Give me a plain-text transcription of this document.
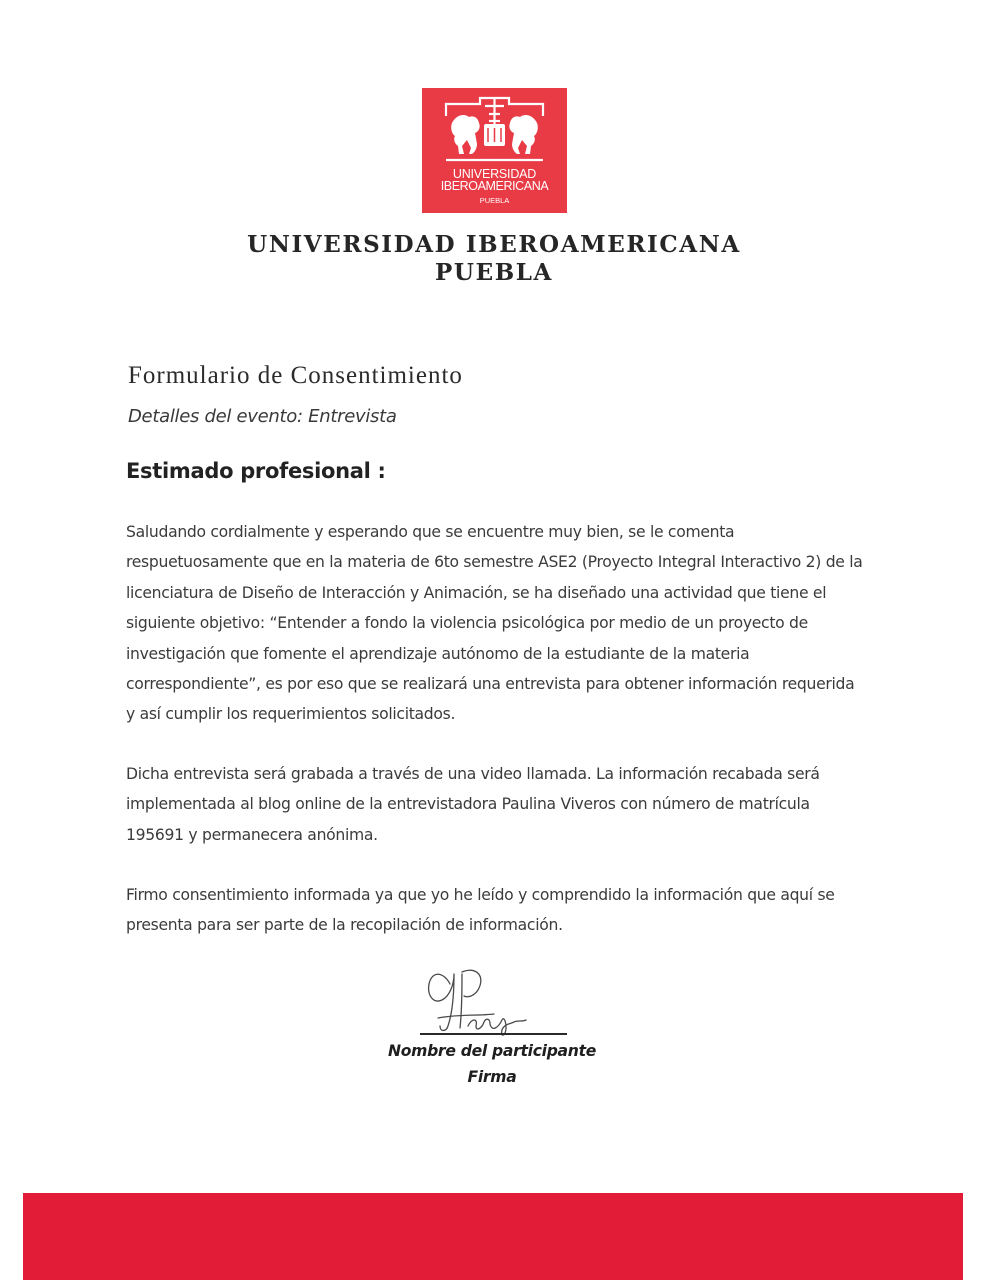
UNIVERSIDAD
IBEROAMERICANA
PUEBLA
UNIVERSIDAD IBEROAMERICANA
PUEBLA
Formulario de Consentimiento
Detalles del evento: Entrevista
Estimado profesional :

Saludando cordialmente y esperando que se encuentre muy bien, se le comenta
respuetuosamente que en la materia de 6to semestre ASE2 (Proyecto Integral Interactivo 2) de la
licenciatura de Diseño de Interacción y Animación, se ha diseñado una actividad que tiene el
siguiente objetivo: “Entender a fondo la violencia psicológica por medio de un proyecto de
investigación que fomente el aprendizaje autónomo de la estudiante de la materia
correspondiente”, es por eso que se realizará una entrevista para obtener información requerida
y así cumplir los requerimientos solicitados.

Dicha entrevista será grabada a través de una video llamada. La información recabada será
implementada al blog online de la entrevistadora Paulina Viveros con número de matrícula
195691 y permanecera anónima.

Firmo consentimiento informada ya que yo he leído y comprendido la información que aquí se
presenta para ser parte de la recopilación de información.

Nombre del participante
Firma
